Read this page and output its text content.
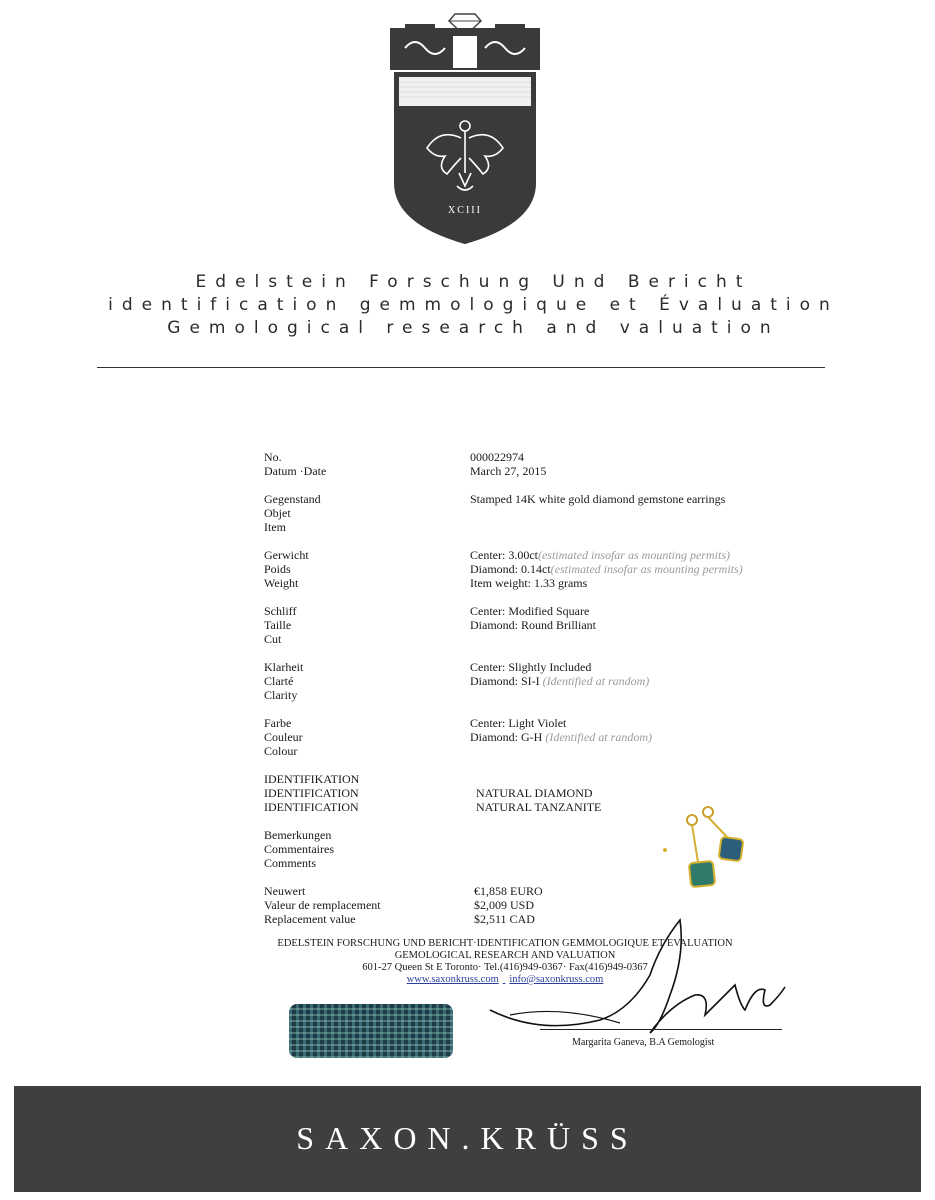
XCIII
Edelstein Forschung Und Bericht
identification gemmologique et Évaluation
Gemological research and valuation
No.	000022974
Datum ·Date	March 27, 2015
Gegenstand
Objet
Item
Stamped 14K white gold diamond gemstone earrings
Gerwicht
Poids
Weight
Center: 3.00ct(estimated insofar as mounting permits)
Diamond: 0.14ct(estimated insofar as mounting permits)
Item weight: 1.33 grams
Schliff
Taille
Cut
Center: Modified Square
Diamond: Round Brilliant
Klarheit
Clarté
Clarity
Center: Slightly Included
Diamond: SI-I (Identified at random)
Farbe
Couleur
Colour
Center: Light Violet
Diamond: G-H (Identified at random)
IDENTIFIKATION
IDENTIFICATION
IDENTIFICATION
NATURAL DIAMOND
NATURAL TANZANITE
Bemerkungen
Commentaires
Comments
Neuwert
Valeur de remplacement
Replacement value
€1,858 EURO
$2,009 USD
$2,511 CAD
EDELSTEIN FORSCHUNG UND BERICHT·IDENTIFICATION GEMMOLOGIQUE ET EVALUATION
GEMOLOGICAL RESEARCH AND VALUATION
601-27 Queen St E Toronto· Tel.(416)949-0367· Fax(416)949-0367
www.saxonkruss.com info@saxonkruss.com
Margarita Ganeva, B.A Gemologist
SAXON.KRÜSS
